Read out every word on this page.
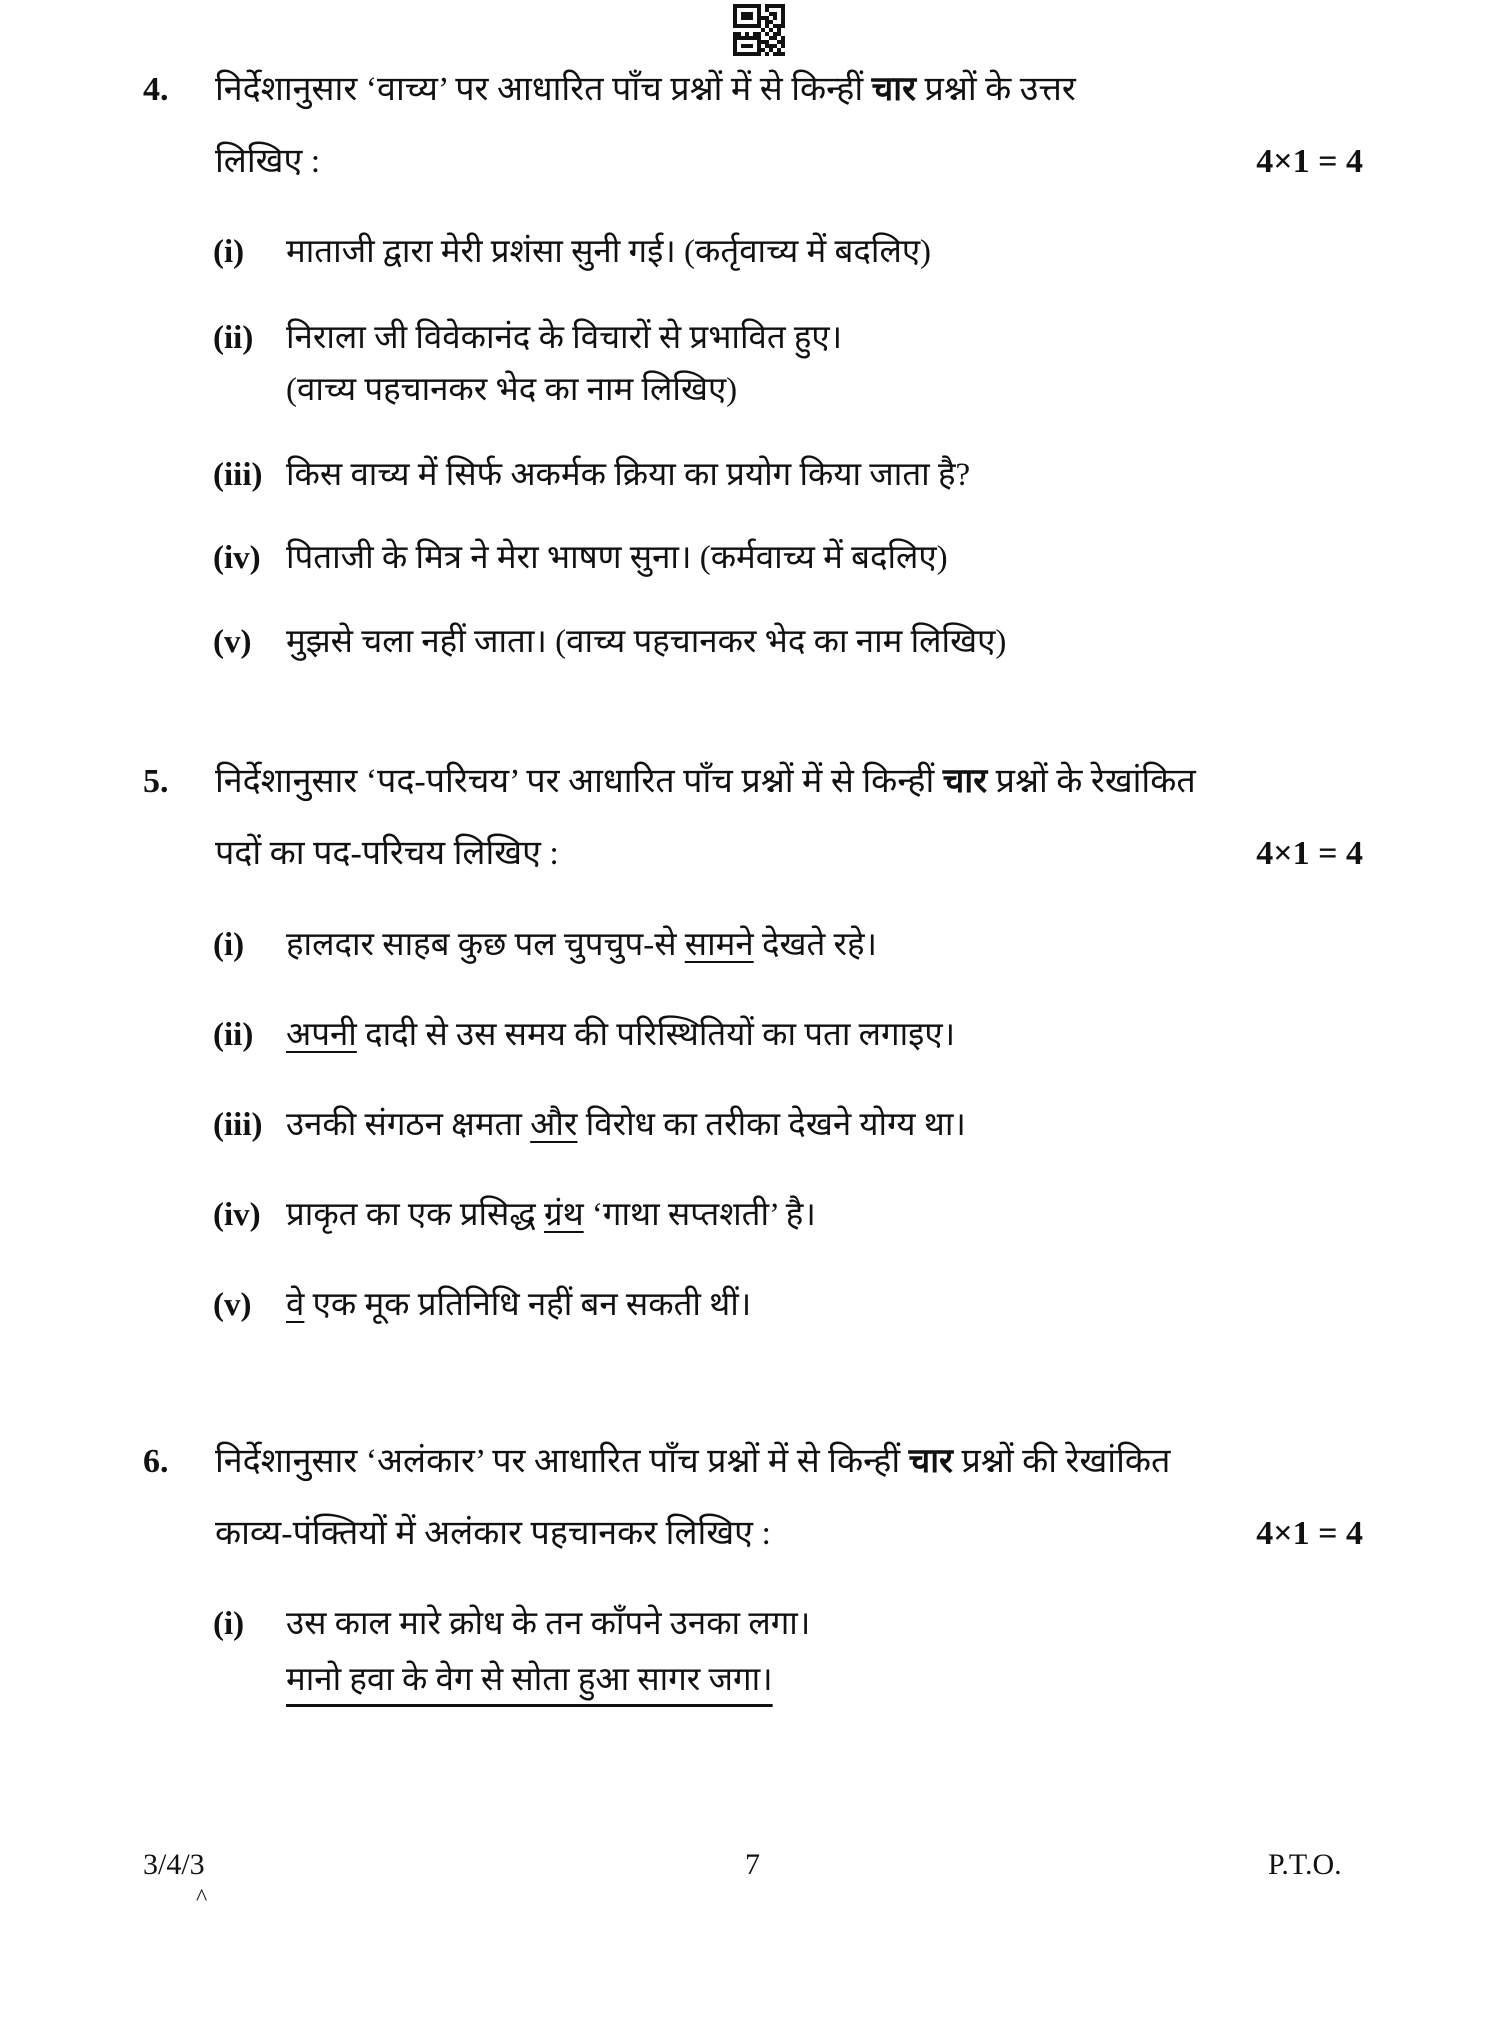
4. निर्देशानुसार ‘वाच्य’ पर आधारित पाँच प्रश्नों में से किन्हीं चार प्रश्नों के उत्तर
लिखिए :	4×1 = 4
(i) माताजी द्वारा मेरी प्रशंसा सुनी गई। (कर्तृवाच्य में बदलिए)
(ii) निराला जी विवेकानंद के विचारों से प्रभावित हुए।
(वाच्य पहचानकर भेद का नाम लिखिए)
(iii) किस वाच्य में सिर्फ अकर्मक क्रिया का प्रयोग किया जाता है?
(iv) पिताजी के मित्र ने मेरा भाषण सुना। (कर्मवाच्य में बदलिए)
(v) मुझसे चला नहीं जाता। (वाच्य पहचानकर भेद का नाम लिखिए)
5. निर्देशानुसार ‘पद-परिचय’ पर आधारित पाँच प्रश्नों में से किन्हीं चार प्रश्नों के रेखांकित
पदों का पद-परिचय लिखिए :	4×1 = 4
(i) हालदार साहब कुछ पल चुपचुप-से सामने देखते रहे।
(ii) अपनी दादी से उस समय की परिस्थितियों का पता लगाइए।
(iii) उनकी संगठन क्षमता और विरोध का तरीका देखने योग्य था।
(iv) प्राकृत का एक प्रसिद्ध ग्रंथ ‘गाथा सप्तशती’ है।
(v) वे एक मूक प्रतिनिधि नहीं बन सकती थीं।
6. निर्देशानुसार ‘अलंकार’ पर आधारित पाँच प्रश्नों में से किन्हीं चार प्रश्नों की रेखांकित
काव्य-पंक्तियों में अलंकार पहचानकर लिखिए :	4×1 = 4
(i) उस काल मारे क्रोध के तन काँपने उनका लगा।
मानो हवा के वेग से सोता हुआ सागर जगा।
3/4/3
^
7	P.T.O.
